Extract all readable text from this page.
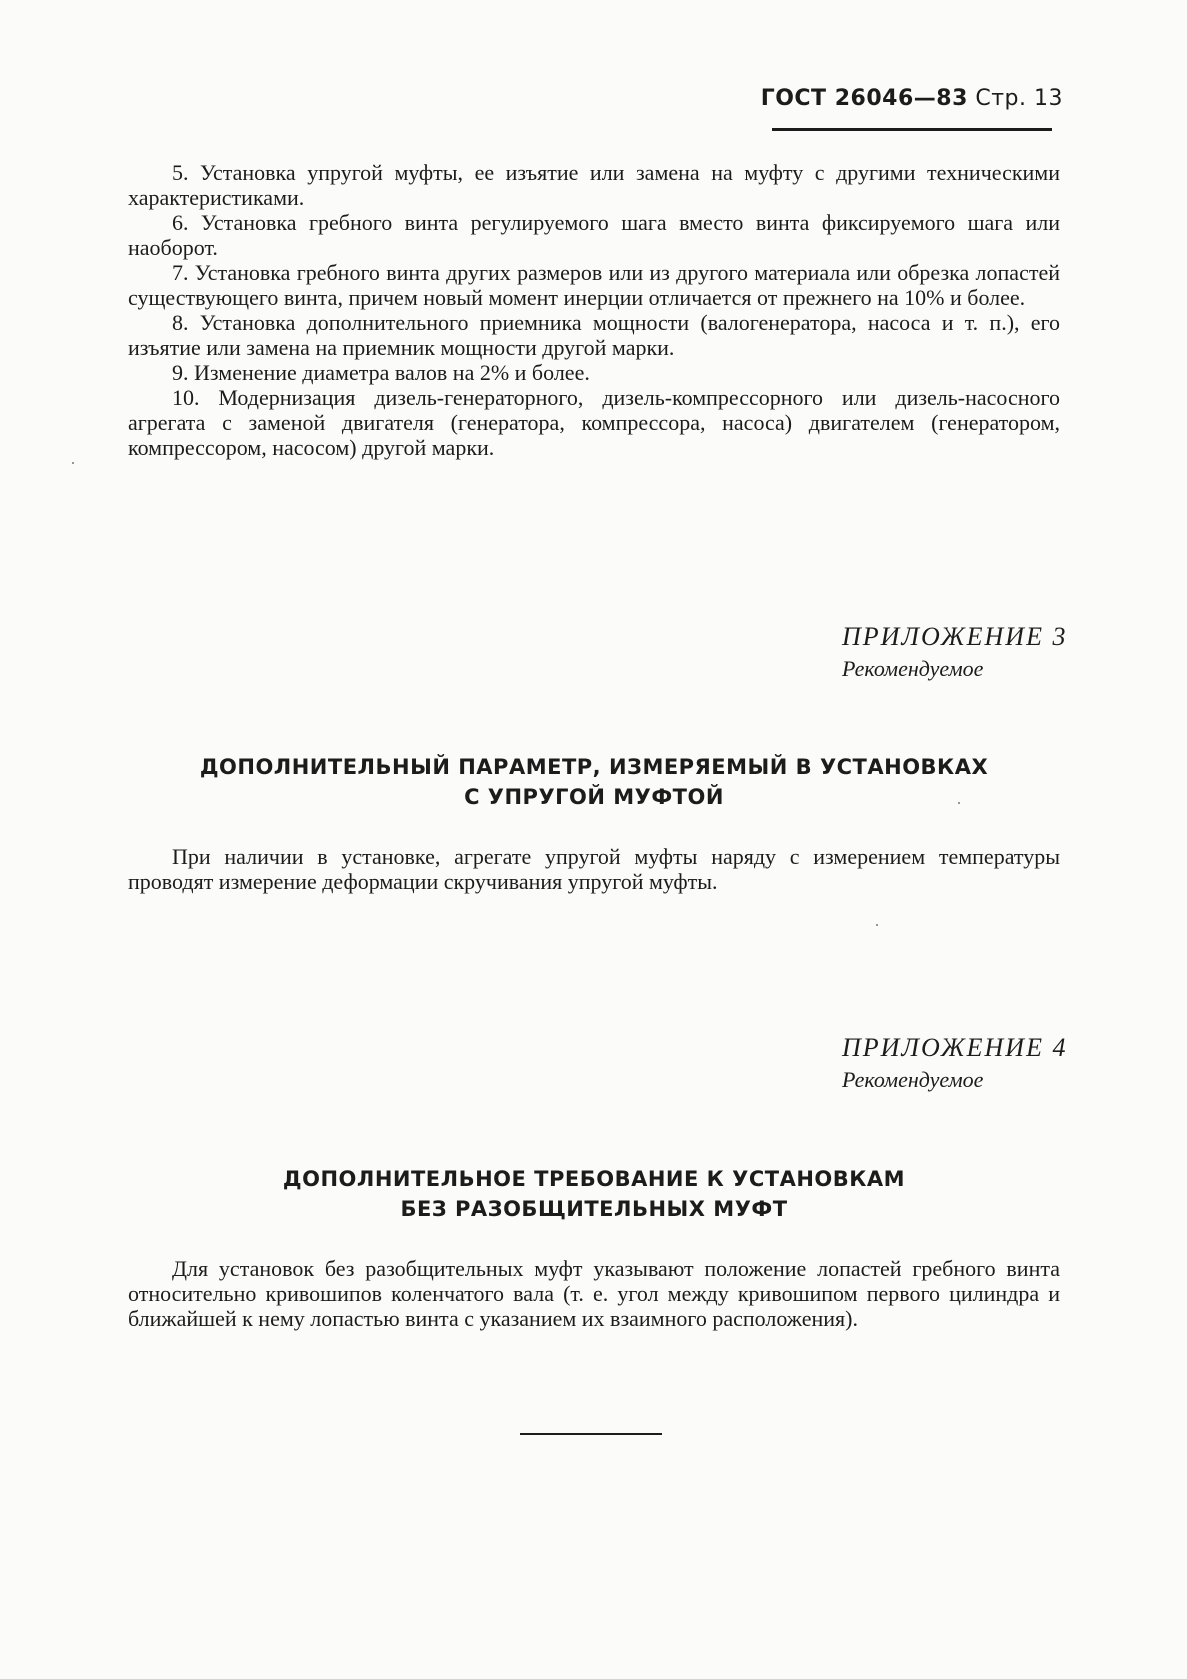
ГОСТ 26046—83 Стр. 13

5. Установка упругой муфты, ее изъятие или замена на муфту с другими техническими характеристиками.

6. Установка гребного винта регулируемого шага вместо винта фиксируемого шага или наоборот.

7. Установка гребного винта других размеров или из другого материала или обрезка лопастей существующего винта, причем новый момент инерции отличается от прежнего на 10% и более.

8. Установка дополнительного приемника мощности (валогенератора, насоса и т. п.), его изъятие или замена на приемник мощности другой марки.

9. Изменение диаметра валов на 2% и более.

10. Модернизация дизель-генераторного, дизель-компрессорного или дизель-насосного агрегата с заменой двигателя (генератора, компрессора, насоса) двигателем (генератором, компрессором, насосом) другой марки.

ПРИЛОЖЕНИЕ 3
Рекомендуемое
ДОПОЛНИТЕЛЬНЫЙ ПАРАМЕТР, ИЗМЕРЯЕМЫЙ В УСТАНОВКАХ
С УПРУГОЙ МУФТОЙ

При наличии в установке, агрегате упругой муфты наряду с измерением температуры проводят измерение деформации скручивания упругой муфты.

ПРИЛОЖЕНИЕ 4
Рекомендуемое
ДОПОЛНИТЕЛЬНОЕ ТРЕБОВАНИЕ К УСТАНОВКАМ
БЕЗ РАЗОБЩИТЕЛЬНЫХ МУФТ

Для установок без разобщительных муфт указывают положение лопастей гребного винта относительно кривошипов коленчатого вала (т. е. угол между кривошипом первого цилиндра и ближайшей к нему лопастью винта с указанием их взаимного расположения).
